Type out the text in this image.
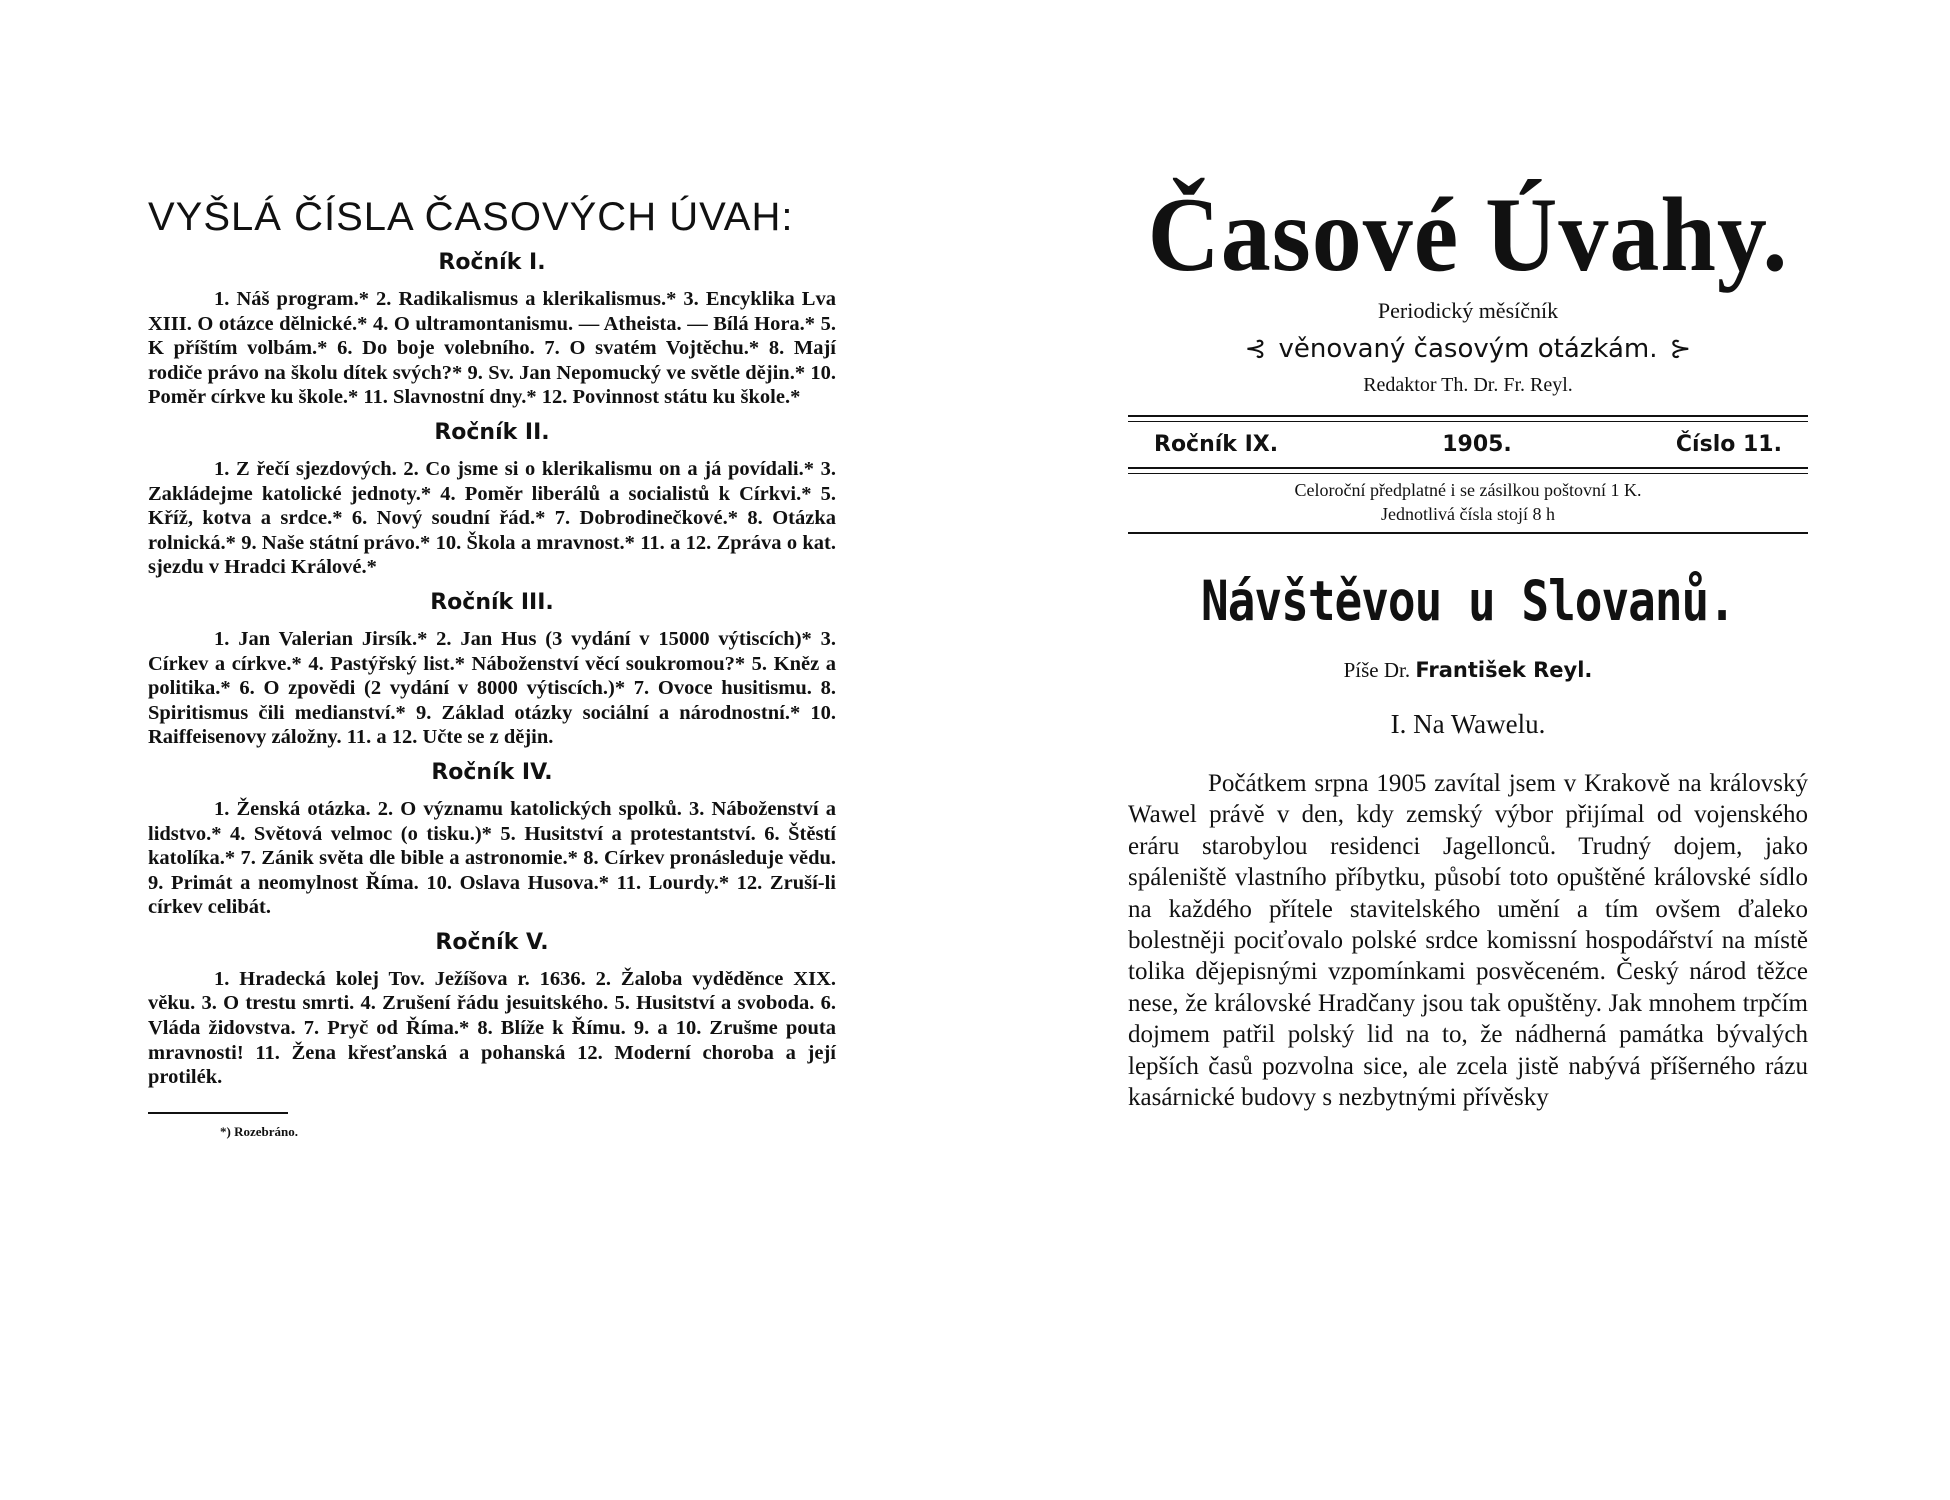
VYŠLÁ ČÍSLA ČASOVÝCH ÚVAH:
Ročník I.

1. Náš program.* 2. Radikalismus a klerikalismus.* 3. Encyklika Lva XIII. O otázce dělnické.* 4. O ultramontanismu. — Atheista. — Bílá Hora.* 5. K příštím volbám.* 6. Do boje volebního. 7. O svatém Vojtěchu.* 8. Mají rodiče právo na školu dítek svých?* 9. Sv. Jan Nepomucký ve světle dějin.* 10. Poměr církve ku škole.* 11. Slavnostní dny.* 12. Povinnost státu ku škole.*

Ročník II.

1. Z řečí sjezdových. 2. Co jsme si o klerikalismu on a já povídali.* 3. Zakládejme katolické jednoty.* 4. Poměr liberálů a socialistů k Církvi.* 5. Kříž, kotva a srdce.* 6. Nový soudní řád.* 7. Dobrodinečkové.* 8. Otázka rolnická.* 9. Naše státní právo.* 10. Škola a mravnost.* 11. a 12. Zpráva o kat. sjezdu v Hradci Králové.*

Ročník III.

1. Jan Valerian Jirsík.* 2. Jan Hus (3 vydání v 15000 výtiscích)* 3. Církev a církve.* 4. Pastýřský list.* Náboženství věcí soukromou?* 5. Kněz a politika.* 6. O zpovědi (2 vydání v 8000 výtiscích.)* 7. Ovoce husitismu. 8. Spiritismus čili medianství.* 9. Základ otázky sociální a národnostní.* 10. Raiffeisenovy záložny. 11. a 12. Učte se z dějin.

Ročník IV.

1. Ženská otázka. 2. O významu katolických spolků. 3. Náboženství a lidstvo.* 4. Světová velmoc (o tisku.)* 5. Husitství a protestantství. 6. Štěstí katolíka.* 7. Zánik světa dle bible a astronomie.* 8. Církev pronásleduje vědu. 9. Primát a neomylnost Říma. 10. Oslava Husova.* 11. Lourdy.* 12. Zruší-li církev celibát.

Ročník V.

1. Hradecká kolej Tov. Ježíšova r. 1636. 2. Žaloba vyděděnce XIX. věku. 3. O trestu smrti. 4. Zrušení řádu jesuitského. 5. Husitství a svoboda. 6. Vláda židovstva. 7. Pryč od Říma.* 8. Blíže k Římu. 9. a 10. Zrušme pouta mravnosti! 11. Žena křesťanská a pohanská 12. Moderní choroba a její protilék.

*) Rozebráno.
Časové Úvahy.
Periodický měsíčník
⊰ věnovaný časovým otázkám. ⊱
Redaktor Th. Dr. Fr. Reyl.
Ročník IX.	1905.	Číslo 11.
Celoroční předplatné i se zásilkou poštovní 1 K.
Jednotlivá čísla stojí 8 h
Návštěvou u Slovanů.
Píše Dr. František Reyl.
I. Na Wawelu.

Počátkem srpna 1905 zavítal jsem v Krakově na královský Wawel právě v den, kdy zemský výbor přijímal od vojenského eráru starobylou residenci Jagellonců. Trudný dojem, jako spáleniště vlastního příbytku, působí toto opuštěné královské sídlo na každého přítele stavitelského umění a tím ovšem ďaleko bolestněji pociťovalo polské srdce komissní hospodářství na místě tolika dějepisnými vzpomínkami posvěceném. Český národ těžce nese, že královské Hradčany jsou tak opuštěny. Jak mnohem trpčím dojmem patřil polský lid na to, že nádherná památka bývalých lepších časů pozvolna sice, ale zcela jistě nabývá příšerného rázu kasárnické budovy s nezbytnými přívěsky
